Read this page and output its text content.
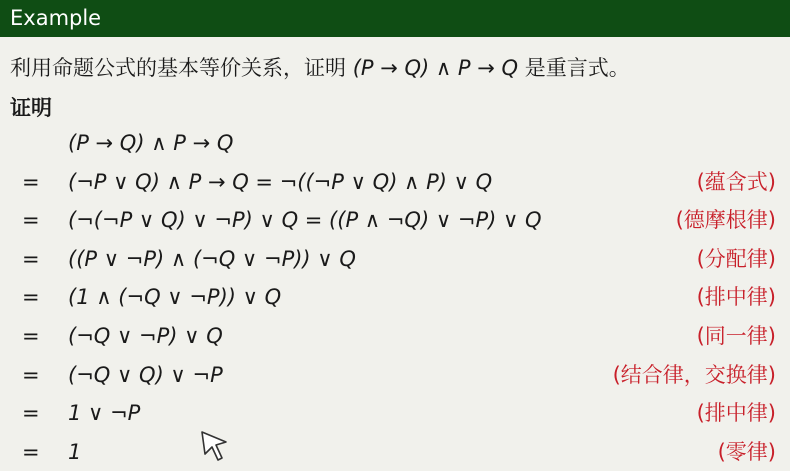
Example
利用命题公式的基本等价关系，证明 (P → Q) ∧ P → Q 是重言式。
证明
(P → Q) ∧ P → Q
= (¬P ∨ Q) ∧ P → Q = ¬((¬P ∨ Q) ∧ P) ∨ Q	(蕴含式)
= (¬(¬P ∨ Q) ∨ ¬P) ∨ Q = ((P ∧ ¬Q) ∨ ¬P) ∨ Q	(德摩根律)
= ((P ∨ ¬P) ∧ (¬Q ∨ ¬P)) ∨ Q	(分配律)
= (1 ∧ (¬Q ∨ ¬P)) ∨ Q	(排中律)
= (¬Q ∨ ¬P) ∨ Q	(同一律)
= (¬Q ∨ Q) ∨ ¬P	(结合律，交换律)
= 1 ∨ ¬P	(排中律)
= 1	(零律)
